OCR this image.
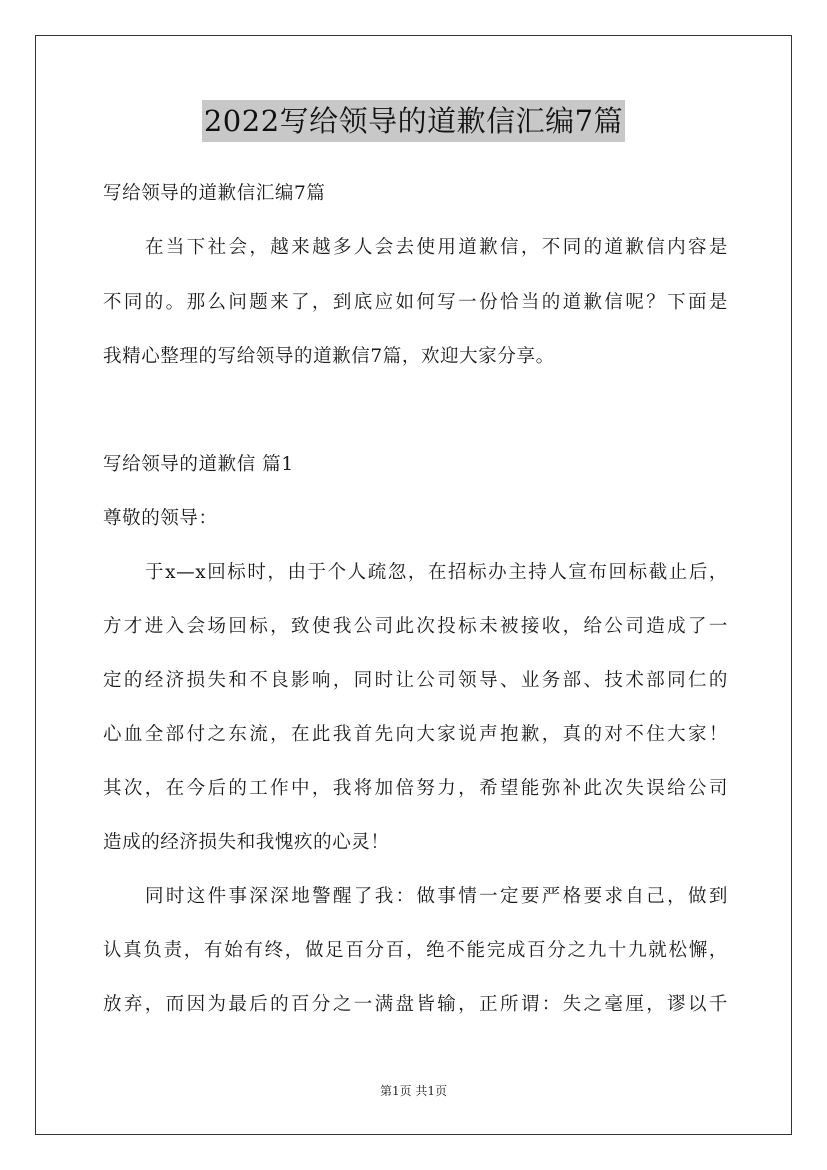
2022写给领导的道歉信汇编7篇
写给领导的道歉信汇编7篇
在当下社会，越来越多人会去使用道歉信，不同的道歉信内容是
不同的。那么问题来了，到底应如何写一份恰当的道歉信呢？下面是
我精心整理的写给领导的道歉信7篇，欢迎大家分享。
写给领导的道歉信 篇1
尊敬的领导：
于x—x回标时，由于个人疏忽，在招标办主持人宣布回标截止后，
方才进入会场回标，致使我公司此次投标未被接收，给公司造成了一
定的经济损失和不良影响，同时让公司领导、业务部、技术部同仁的
心血全部付之东流，在此我首先向大家说声抱歉，真的对不住大家！
其次，在今后的工作中，我将加倍努力，希望能弥补此次失误给公司
造成的经济损失和我愧疚的心灵！
同时这件事深深地警醒了我：做事情一定要严格要求自己，做到
认真负责，有始有终，做足百分百，绝不能完成百分之九十九就松懈，
放弃，而因为最后的百分之一满盘皆输，正所谓：失之毫厘，谬以千
第1页 共1页
